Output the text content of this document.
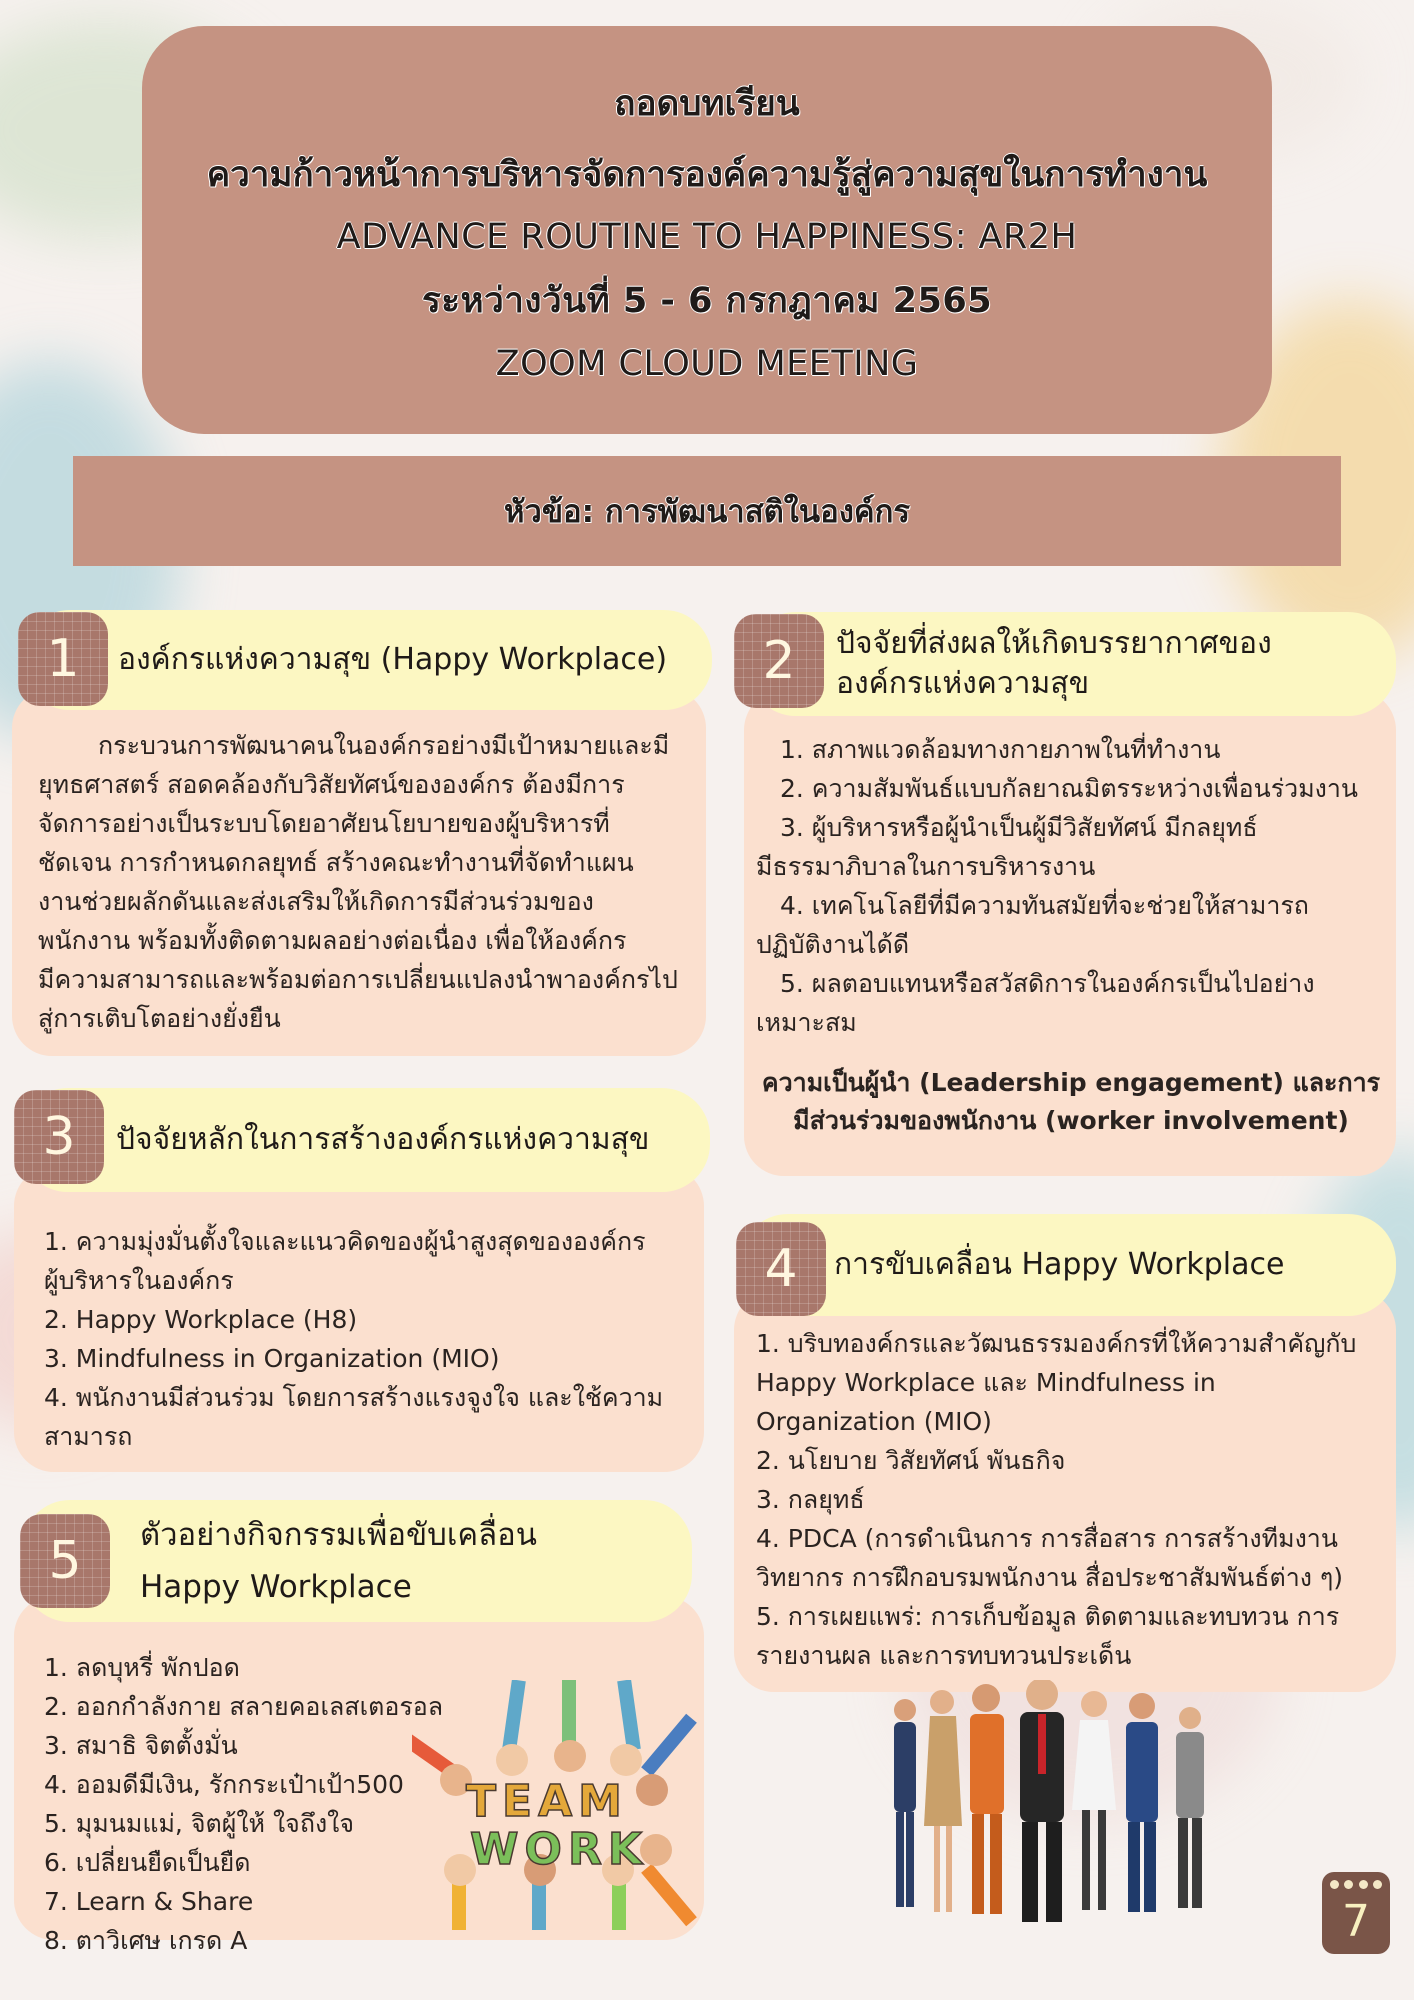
ถอดบทเรียน
ความก้าวหน้าการบริหารจัดการองค์ความรู้สู่ความสุขในการทำงาน
ADVANCE ROUTINE TO HAPPINESS: AR2H
ระหว่างวันที่ 5 - 6 กรกฎาคม 2565
ZOOM CLOUD MEETING
หัวข้อ: การพัฒนาสติในองค์กร
กระบวนการพัฒนาคนในองค์กรอย่างมีเป้าหมายและมี
ยุทธศาสตร์ สอดคล้องกับวิสัยทัศน์ขององค์กร ต้องมีการ
จัดการอย่างเป็นระบบโดยอาศัยนโยบายของผู้บริหารที่
ชัดเจน การกำหนดกลยุทธ์ สร้างคณะทำงานที่จัดทำแผน
งานช่วยผลักดันและส่งเสริมให้เกิดการมีส่วนร่วมของ
พนักงาน พร้อมทั้งติดตามผลอย่างต่อเนื่อง เพื่อให้องค์กร
มีความสามารถและพร้อมต่อการเปลี่ยนแปลงนำพาองค์กรไป
สู่การเติบโตอย่างยั่งยืน
องค์กรแห่งความสุข (Happy Workplace)
1
1. สภาพแวดล้อมทางกายภาพในที่ทำงาน
2. ความสัมพันธ์แบบกัลยาณมิตรระหว่างเพื่อนร่วมงาน
3. ผู้บริหารหรือผู้นำเป็นผู้มีวิสัยทัศน์ มีกลยุทธ์
มีธรรมาภิบาลในการบริหารงาน
4. เทคโนโลยีที่มีความทันสมัยที่จะช่วยให้สามารถ
ปฏิบัติงานได้ดี
5. ผลตอบแทนหรือสวัสดิการในองค์กรเป็นไปอย่าง
เหมาะสม
ความเป็นผู้นำ (Leadership engagement) และการ
มีส่วนร่วมของพนักงาน (worker involvement)
ปัจจัยที่ส่งผลให้เกิดบรรยากาศของ
องค์กรแห่งความสุข
2
1. ความมุ่งมั่นตั้งใจและแนวคิดของผู้นำสูงสุดขององค์กร
ผู้บริหารในองค์กร
2. Happy Workplace (H8)
3. Mindfulness in Organization (MIO)
4. พนักงานมีส่วนร่วม โดยการสร้างแรงจูงใจ และใช้ความ
สามารถ
ปัจจัยหลักในการสร้างองค์กรแห่งความสุข
3
1. บริบทองค์กรและวัฒนธรรมองค์กรที่ให้ความสำคัญกับ
Happy Workplace และ Mindfulness in
Organization (MIO)
2. นโยบาย วิสัยทัศน์ พันธกิจ
3. กลยุทธ์
4. PDCA (การดำเนินการ การสื่อสาร การสร้างทีมงาน
วิทยากร การฝึกอบรมพนักงาน สื่อประชาสัมพันธ์ต่าง ๆ)
5. การเผยแพร่: การเก็บข้อมูล ติดตามและทบทวน การ
รายงานผล และการทบทวนประเด็น
การขับเคลื่อน Happy Workplace
4
1. ลดบุหรี่ พักปอด
2. ออกกำลังกาย สลายคอเลสเตอรอล
3. สมาธิ จิตตั้งมั่น
4. ออมดีมีเงิน, รักกระเป๋าเป้า500
5. มุมนมแม่, จิตผู้ให้ ใจถึงใจ
6. เปลี่ยนยืดเป็นยืด
7. Learn & Share
8. ตาวิเศษ เกรด A
ตัวอย่างกิจกรรมเพื่อขับเคลื่อน
Happy Workplace
5
TEAM
WORK
7
